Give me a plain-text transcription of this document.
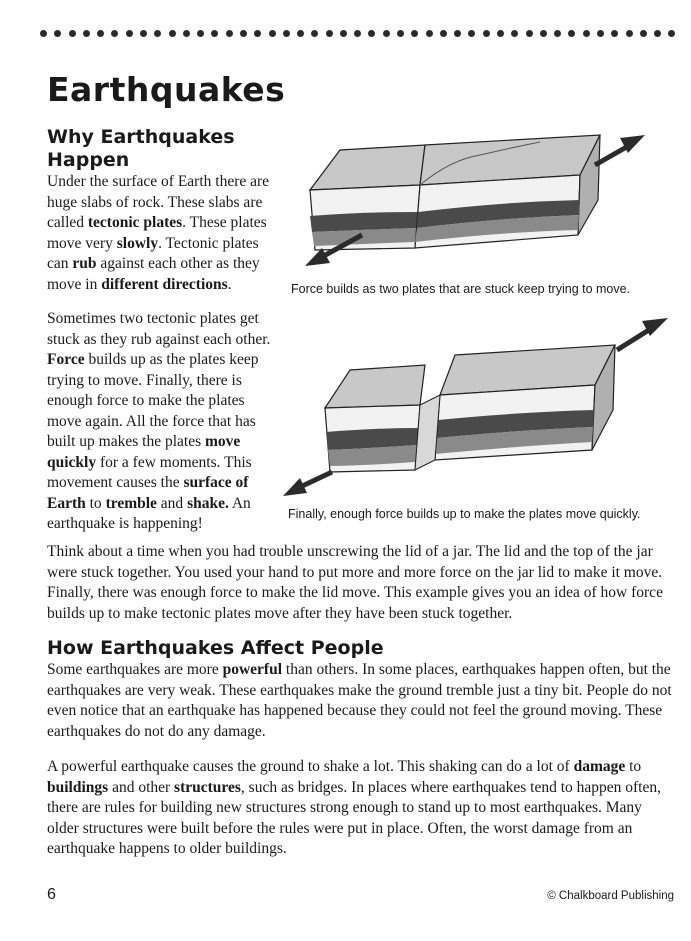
Earthquakes
Why Earthquakes Happen

Under the surface of Earth there are huge slabs of rock. These slabs are called tectonic plates. These plates move very slowly. Tectonic plates can rub against each other as they move in different directions.

Sometimes two tectonic plates get stuck as they rub against each other. Force builds up as the plates keep trying to move. Finally, there is enough force to make the plates move again. All the force that has built up makes the plates move quickly for a few moments. This movement causes the surface of Earth to tremble and shake. An earthquake is happening!

Force builds as two plates that are stuck keep trying to move.

Finally, enough force builds up to make the plates move quickly.

Think about a time when you had trouble unscrewing the lid of a jar. The lid and the top of the jar were stuck together. You used your hand to put more and more force on the jar lid to make it move. Finally, there was enough force to make the lid move. This example gives you an idea of how force builds up to make tectonic plates move after they have been stuck together.

How Earthquakes Affect People

Some earthquakes are more powerful than others. In some places, earthquakes happen often, but the earthquakes are very weak. These earthquakes make the ground tremble just a tiny bit. People do not even notice that an earthquake has happened because they could not feel the ground moving. These earthquakes do not do any damage.

A powerful earthquake causes the ground to shake a lot. This shaking can do a lot of damage to buildings and other structures, such as bridges. In places where earthquakes tend to happen often, there are rules for building new structures strong enough to stand up to most earthquakes. Many older structures were built before the rules were put in place. Often, the worst damage from an earthquake happens to older buildings.

6	© Chalkboard Publishing
